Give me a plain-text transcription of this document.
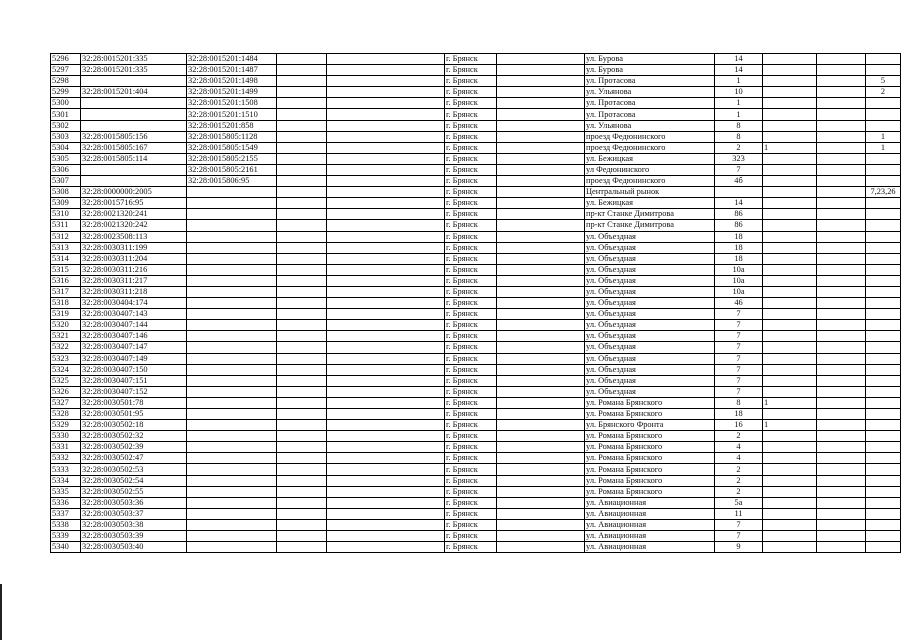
5296	32:28:0015201:335	32:28:0015201:1484			г. Брянск		ул. Бурова	14			
5297	32:28:0015201:335	32:28:0015201:1487			г. Брянск		ул. Бурова	14			
5298		32:28:0015201:1498			г. Брянск		ул. Протасова	1			5
5299	32:28:0015201:404	32:28:0015201:1499			г. Брянск		ул. Ульянова	10			2
5300		32:28:0015201:1508			г. Брянск		ул. Протасова	1			
5301		32:28:0015201:1510			г. Брянск		ул. Протасова	1			
5302		32:28:0015201:858			г. Брянск		ул. Ульянова	8			
5303	32:28:0015805:156	32:28:0015805:1128			г. Брянск		проезд Федюнинского	8			1
5304	32:28:0015805:167	32:28:0015805:1549			г. Брянск		проезд Федюнинского	2	1		1
5305	32:28:0015805:114	32:28:0015805:2155			г. Брянск		ул. Бежицкая	323			
5306		32:28:0015805:2161			г. Брянск		ул Федюнинского	7			
5307		32:28:0015806:95			г. Брянск		проезд Федюнинского	4б			
5308	32:28:0000000:2005				г. Брянск		Центральный рынок				7,23,26
5309	32:28:0015716:95				г. Брянск		ул. Бежицкая	14			
5310	32:28:0021320:241				г. Брянск		пр-кт Станке Димитрова	86			
5311	32:28:0021320:242				г. Брянск		пр-кт Станке Димитрова	86			
5312	32:28:0023508:113				г. Брянск		ул. Объездная	18			
5313	32:28:0030311:199				г. Брянск		ул. Объездная	18			
5314	32:28:0030311:204				г. Брянск		ул. Объездная	18			
5315	32:28:0030311:216				г. Брянск		ул. Объездная	10а			
5316	32:28:0030311:217				г. Брянск		ул. Объездная	10а			
5317	32:28:0030311:218				г. Брянск		ул. Объездная	10а			
5318	32:28:0030404:174				г. Брянск		ул. Объездная	46			
5319	32:28:0030407:143				г. Брянск		ул. Объездная	7			
5320	32:28:0030407:144				г. Брянск		ул. Объездная	7			
5321	32:28:0030407:146				г. Брянск		ул. Объездная	7			
5322	32:28:0030407:147				г. Брянск		ул. Объездная	7			
5323	32:28:0030407:149				г. Брянск		ул. Объездная	7			
5324	32:28:0030407:150				г. Брянск		ул. Объездная	7			
5325	32:28:0030407:151				г. Брянск		ул. Объездная	7			
5326	32:28:0030407:152				г. Брянск		ул. Объездная	7			
5327	32:28:0030501:78				г. Брянск		ул. Романа Брянского	8	1		
5328	32:28:0030501:95				г. Брянск		ул. Романа Брянского	18			
5329	32:28:0030502:18				г. Брянск		ул. Брянского Фронта	16	1		
5330	32:28:0030502:32				г. Брянск		ул. Романа Брянского	2			
5331	32:28:0030502:39				г. Брянск		ул. Романа Брянского	4			
5332	32:28:0030502:47				г. Брянск		ул. Романа Брянского	4			
5333	32:28:0030502:53				г. Брянск		ул. Романа Брянского	2			
5334	32:28:0030502:54				г. Брянск		ул. Романа Брянского	2			
5335	32:28:0030502:55				г. Брянск		ул. Романа Брянского	2			
5336	32:28:0030503:36				г. Брянск		ул. Авиационная	5а			
5337	32:28:0030503:37				г. Брянск		ул. Авиационная	11			
5338	32:28:0030503:38				г. Брянск		ул. Авиационная	7			
5339	32:28:0030503:39				г. Брянск		ул. Авиационная	7			
5340	32:28:0030503:40				г. Брянск		ул. Авиационная	9			
